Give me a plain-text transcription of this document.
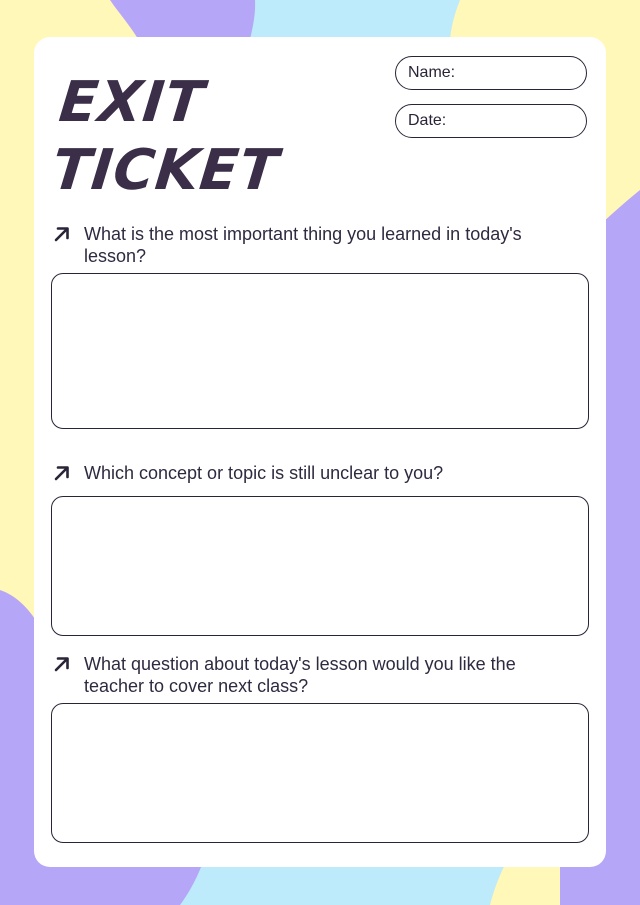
EXIT
TICKET
Name:
Date:
What is the most important thing you learned in today's lesson?
Which concept or topic is still unclear to you?
What question about today's lesson would you like the teacher to cover next class?
